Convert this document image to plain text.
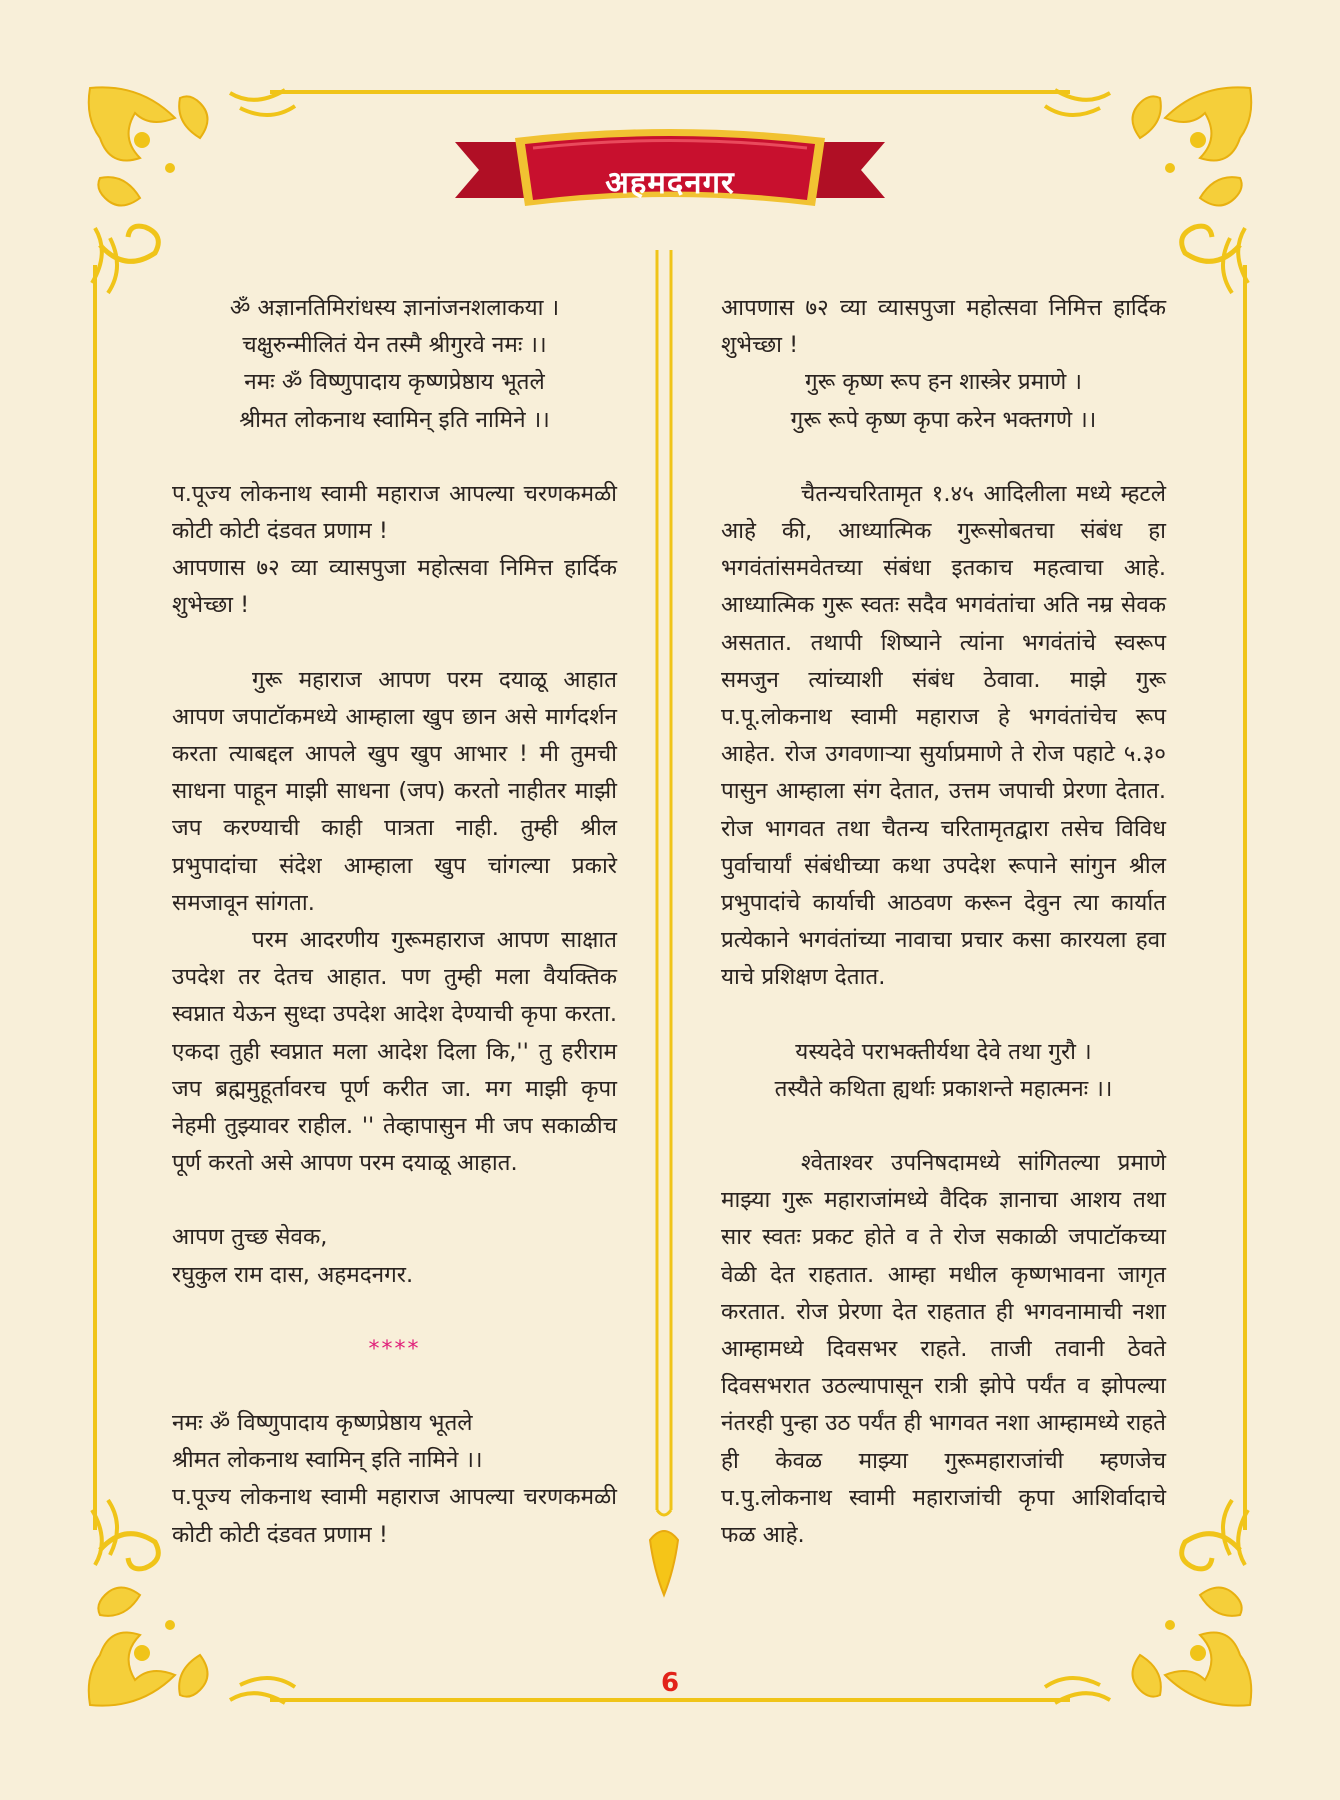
अहमदनगर
ॐ अज्ञानतिमिरांधस्य ज्ञानांजनशलाकया ।
चक्षुरुन्मीलितं येन तस्मै श्रीगुरवे नमः ।।
नमः ॐ विष्णुपादाय कृष्णप्रेष्ठाय भूतले
श्रीमत लोकनाथ स्वामिन् इति नामिने ।।
प.पूज्य लोकनाथ स्वामी महाराज आपल्या चरणकमळी कोटी कोटी दंडवत प्रणाम !
आपणास ७२ व्या व्यासपुजा महोत्सवा निमित्त हार्दिक शुभेच्छा !
गुरू महाराज आपण परम दयाळू आहात आपण जपाटॉकमध्ये आम्हाला खुप छान असे मार्गदर्शन करता त्याबद्दल आपले खुप खुप आभार ! मी तुमची साधना पाहून माझी साधना (जप) करतो नाहीतर माझी जप करण्याची काही पात्रता नाही. तुम्ही श्रील प्रभुपादांचा संदेश आम्हाला खुप चांगल्या प्रकारे समजावून सांगता.
परम आदरणीय गुरूमहाराज आपण साक्षात उपदेश तर देतच आहात. पण तुम्ही मला वैयक्तिक स्वप्नात येऊन सुध्दा उपदेश आदेश देण्याची कृपा करता. एकदा तुही स्वप्नात मला आदेश दिला कि,'' तु हरीराम जप ब्रह्ममुहूर्तावरच पूर्ण करीत जा. मग माझी कृपा नेहमी तुझ्यावर राहील. '' तेव्हापासुन मी जप सकाळीच पूर्ण करतो असे आपण परम दयाळू आहात.
आपण तुच्छ सेवक,
रघुकुल राम दास, अहमदनगर.
****
नमः ॐ विष्णुपादाय कृष्णप्रेष्ठाय भूतले
श्रीमत लोकनाथ स्वामिन् इति नामिने ।।
प.पूज्य लोकनाथ स्वामी महाराज आपल्या चरणकमळी कोटी कोटी दंडवत प्रणाम !
आपणास ७२ व्या व्यासपुजा महोत्सवा निमित्त हार्दिक शुभेच्छा !
गुरू कृष्ण रूप हन शास्त्रेर प्रमाणे ।
गुरू रूपे कृष्ण कृपा करेन भक्तगणे ।।
चैतन्यचरितामृत १.४५ आदिलीला मध्ये म्हटले आहे की, आध्यात्मिक गुरूसोबतचा संबंध हा भगवंतांसमवेतच्या संबंधा इतकाच महत्वाचा आहे. आध्यात्मिक गुरू स्वतः सदैव भगवंतांचा अति नम्र सेवक असतात. तथापी शिष्याने त्यांना भगवंतांचे स्वरूप समजुन त्यांच्याशी संबंध ठेवावा. माझे गुरू प.पू.लोकनाथ स्वामी महाराज हे भगवंतांचेच रूप आहेत. रोज उगवणाऱ्या सुर्याप्रमाणे ते रोज पहाटे ५.३० पासुन आम्हाला संग देतात, उत्तम जपाची प्रेरणा देतात. रोज भागवत तथा चैतन्य चरितामृतद्वारा तसेच विविध पुर्वाचार्यां संबंधीच्या कथा उपदेश रूपाने सांगुन श्रील प्रभुपादांचे कार्याची आठवण करून देवुन त्या कार्यात प्रत्येकाने भगवंतांच्या नावाचा प्रचार कसा कारयला हवा याचे प्रशिक्षण देतात.
यस्यदेवे पराभक्तीर्यथा देवे तथा गुरौ ।
तस्यैते कथिता ह्यर्थाः प्रकाशन्ते महात्मनः ।।
श्वेताश्वर उपनिषदामध्ये सांगितल्या प्रमाणे माझ्या गुरू महाराजांमध्ये वैदिक ज्ञानाचा आशय तथा सार स्वतः प्रकट होते व ते रोज सकाळी जपाटॉकच्या वेळी देत राहतात. आम्हा मधील कृष्णभावना जागृत करतात. रोज प्रेरणा देत राहतात ही भगवनामाची नशा आम्हामध्ये दिवसभर राहते. ताजी तवानी ठेवते दिवसभरात उठल्यापासून रात्री झोपे पर्यंत व झोपल्या नंतरही पुन्हा उठ पर्यंत ही भागवत नशा आम्हामध्ये राहते ही केवळ माझ्या गुरूमहाराजांची म्हणजेच प.पु.लोकनाथ स्वामी महाराजांची कृपा आशिर्वादाचे फळ आहे.
6
